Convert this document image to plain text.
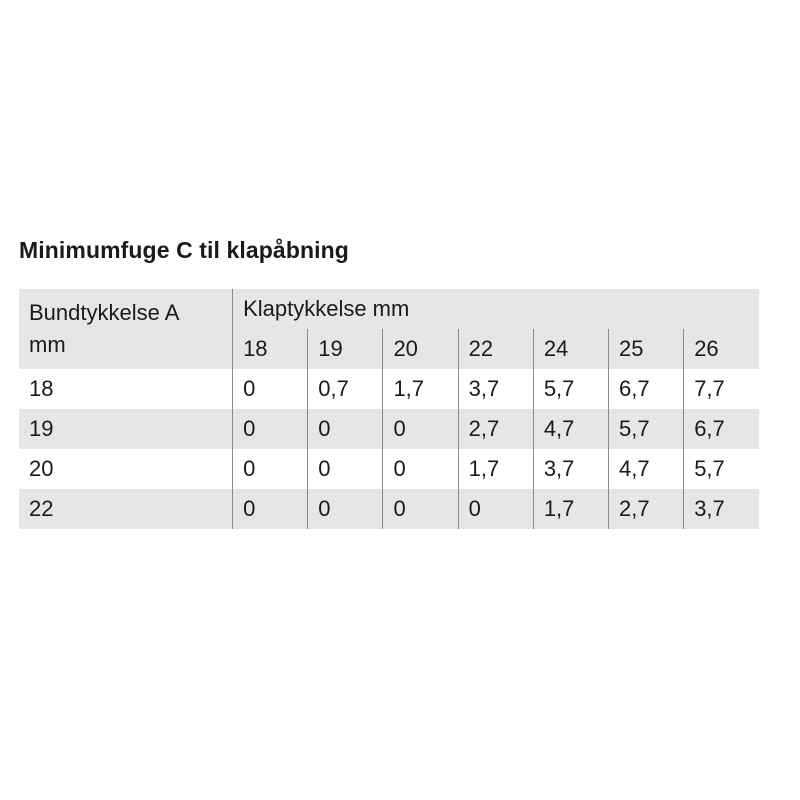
Minimumfuge C til klapåbning
Bundtykkelse A
mm	Klaptykkelse mm						
	18	19	20	22	24	25	26
18	0	0,7	1,7	3,7	5,7	6,7	7,7
19	0	0	0	2,7	4,7	5,7	6,7
20	0	0	0	1,7	3,7	4,7	5,7
22	0	0	0	0	1,7	2,7	3,7
